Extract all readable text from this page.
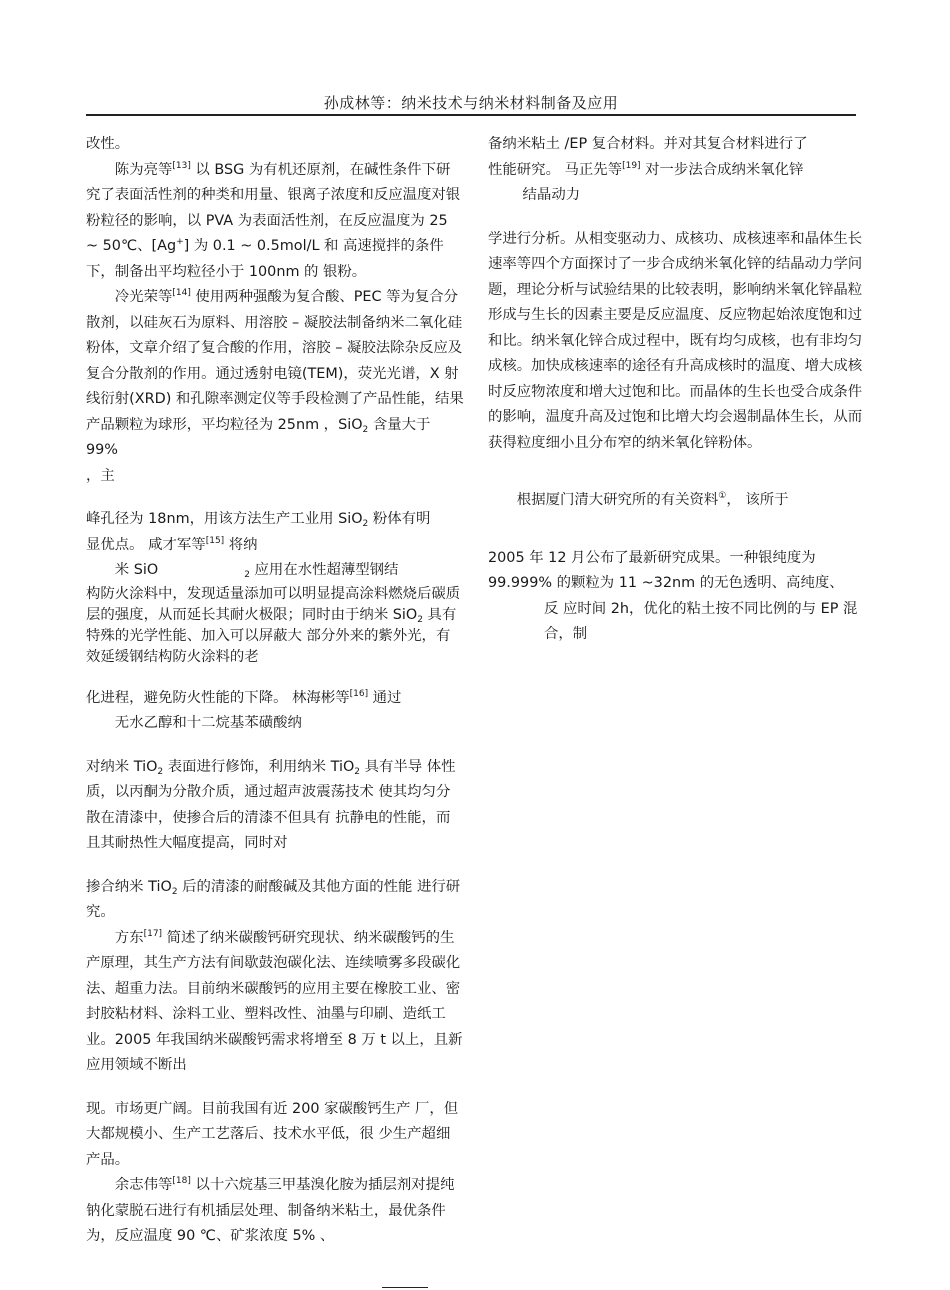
孙成林等：纳米技术与纳米材料制备及应用

改性。

陈为亮等[13] 以 BSG 为有机还原剂，在碱性条件下研究了表面活性剂的种类和用量、银离子浓度和反应温度对银粉粒径的影响，以 PVA 为表面活性剂，在反应温度为 25 ~ 50℃、[Ag+] 为 0.1 ~ 0.5mol/L 和 高速搅拌的条件下，制备出平均粒径小于 100nm 的 银粉。

冷光荣等[14] 使用两种强酸为复合酸、PEC 等为复合分散剂，以硅灰石为原料、用溶胶 – 凝胶法制备纳米二氧化硅粉体，文章介绍了复合酸的作用，溶胶 – 凝胶法除杂反应及复合分散剂的作用。通过透射电镜(TEM)，荧光光谱，X 射线衍射(XRD) 和孔隙率测定仪等手段检测了产品性能，结果产品颗粒为球形，平均粒径为 25nm ，SiO$_2$ 含量大于 99%

，主

峰孔径为 18nm，用该方法生产工业用 SiO$_2$ 粉体有明

显优点。 咸才军等[15] 将纳

米 SiO	$_2$ 应用在水性超薄型钢结

构防火涂料中，发现适量添加可以明显提高涂料燃烧后碳质层的强度，从而延长其耐火极限；同时由于纳米 SiO$_2$ 具有特殊的光学性能、加入可以屏蔽大 部分外来的紫外光，有效延缓钢结构防火涂料的老

化进程，避免防火性能的下降。 林海彬等[16] 通过

无水乙醇和十二烷基苯磺酸纳

对纳米 TiO$_2$ 表面进行修饰，利用纳米 TiO$_2$ 具有半导 体性质，以丙酮为分散介质，通过超声波震荡技术 使其均匀分散在清漆中，使掺合后的清漆不但具有 抗静电的性能，而且其耐热性大幅度提高，同时对

掺合纳米 TiO$_2$ 后的清漆的耐酸碱及其他方面的性能 进行研究。

方东[17] 简述了纳米碳酸钙研究现状、纳米碳酸钙的生产原理，其生产方法有间歇鼓泡碳化法、连续喷雾多段碳化法、超重力法。目前纳米碳酸钙的应用主要在橡胶工业、密封胶粘材料、涂料工业、塑料改性、油墨与印刷、造纸工业。2005 年我国纳米碳酸钙需求将增至 8 万 t 以上，且新应用领域不断出

现。市场更广阔。目前我国有近 200 家碳酸钙生产 厂，但大都规模小、生产工艺落后、技术水平低，很 少生产超细产品。

余志伟等[18] 以十六烷基三甲基溴化胺为插层剂对提纯钠化蒙脱石进行有机插层处理、制备纳米粘土，最优条件为，反应温度 90 ℃、矿浆浓度 5% 、

备纳米粘土 /EP 复合材料。并对其复合材料进行了

性能研究。 马正先等[19] 对一步法合成纳米氧化锌

结晶动力

学进行分析。从相变驱动力、成核功、成核速率和晶体生长速率等四个方面探讨了一步合成纳米氧化锌的结晶动力学问题，理论分析与试验结果的比较表明，影响纳米氧化锌晶粒形成与生长的因素主要是反应温度、反应物起始浓度饱和过和比。纳米氧化锌合成过程中，既有均匀成核，也有非均匀成核。加快成核速率的途径有升高成核时的温度、增大成核时反应物浓度和增大过饱和比。而晶体的生长也受合成条件的影响，温度升高及过饱和比增大均会遏制晶体生长，从而获得粒度细小且分布窄的纳米氧化锌粉体。

根据厦门清大研究所的有关资料①， 该所于

2005 年 12 月公布了最新研究成果。一种银纯度为 99.999% 的颗粒为 11 ~32nm 的无色透明、高纯度、

反 应时间 2h，优化的粘土按不同比例的与 EP 混合，制
